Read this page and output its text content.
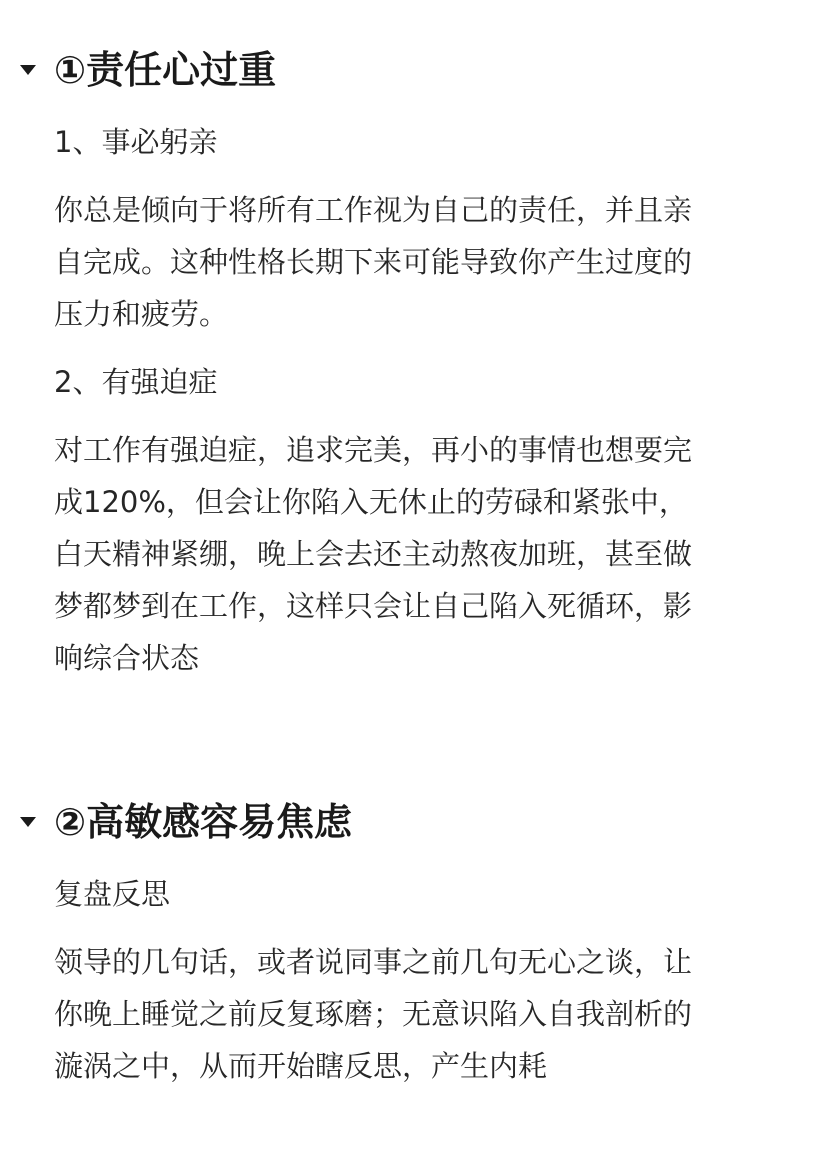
①责任心过重
1、事必躬亲
你总是倾向于将所有工作视为自己的责任，并且亲
自完成。这种性格长期下来可能导致你产生过度的
压力和疲劳。
2、有强迫症
对工作有强迫症，追求完美，再小的事情也想要完
成120%，但会让你陷入无休止的劳碌和紧张中，
白天精神紧绷，晚上会去还主动熬夜加班，甚至做
梦都梦到在工作，这样只会让自己陷入死循环，影
响综合状态
②高敏感容易焦虑
复盘反思
领导的几句话，或者说同事之前几句无心之谈，让
你晚上睡觉之前反复琢磨；无意识陷入自我剖析的
漩涡之中，从而开始瞎反思，产生内耗
